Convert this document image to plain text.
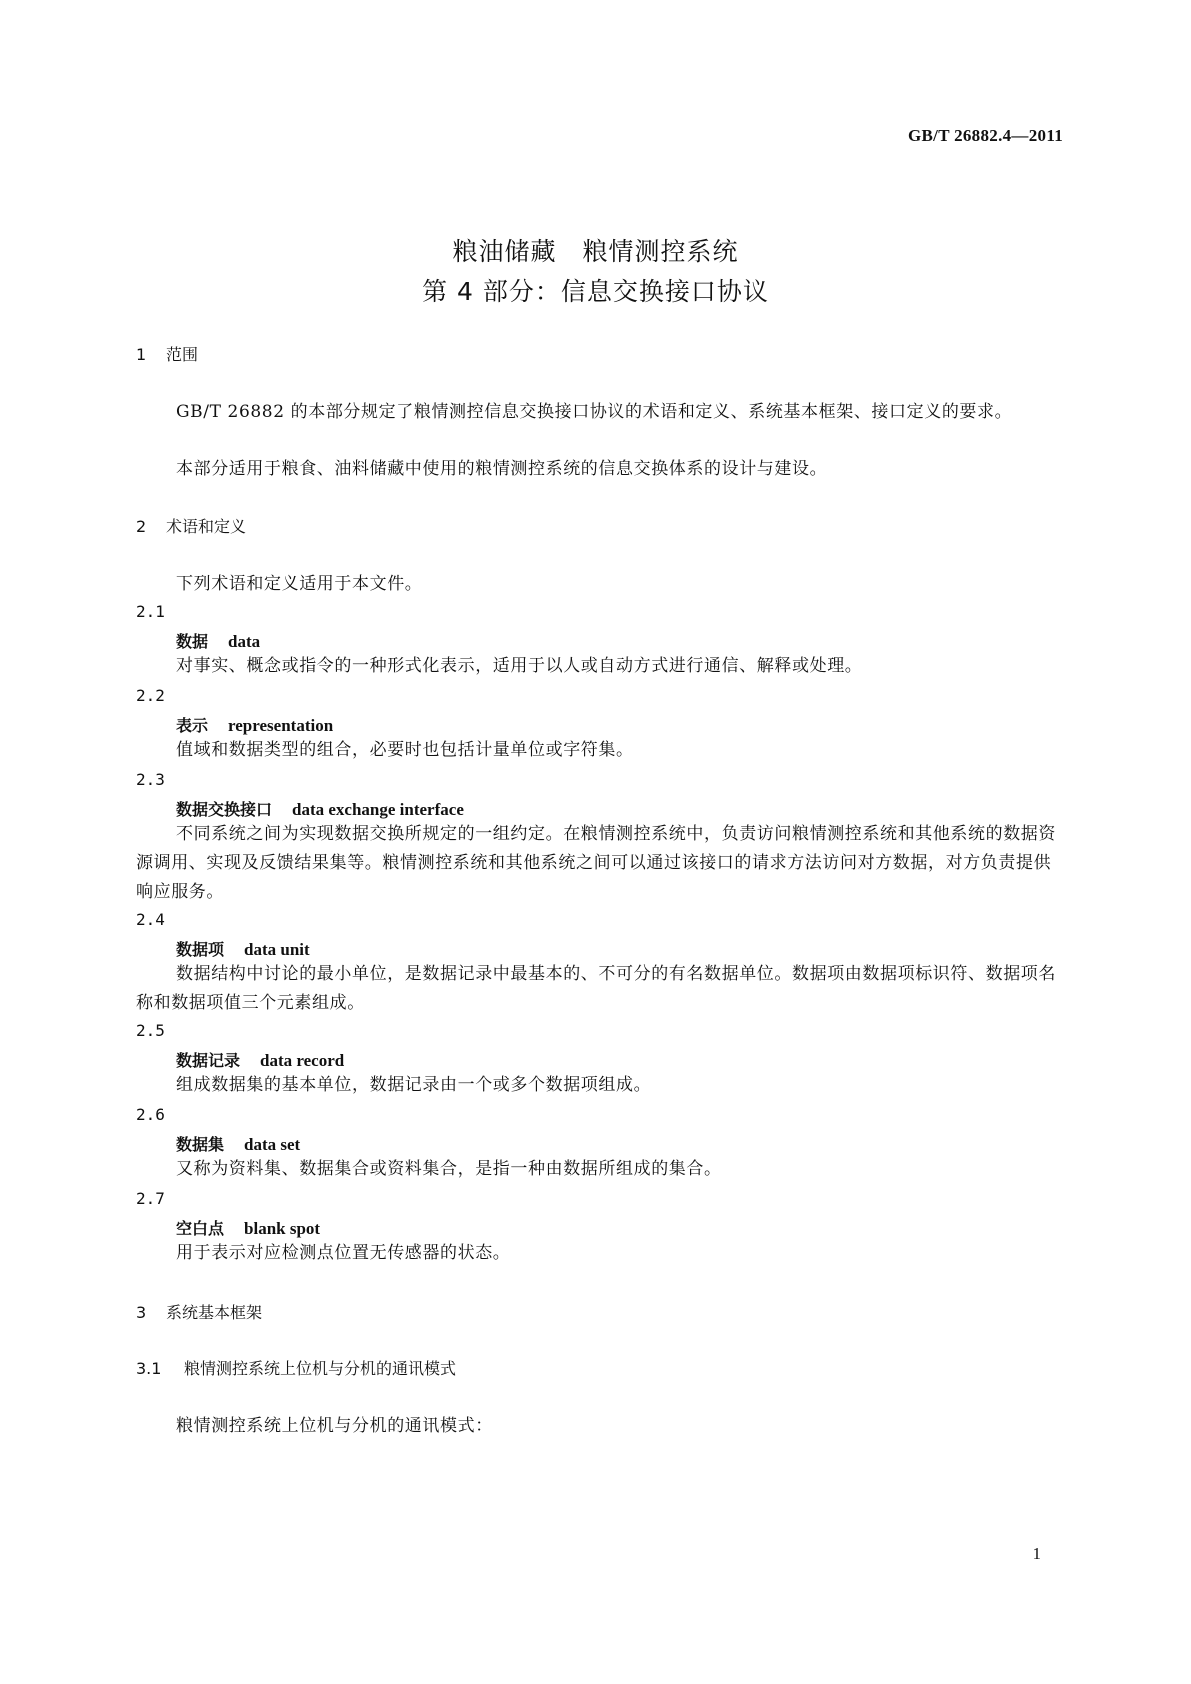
GB/T 26882.4—2011
粮油储藏　粮情测控系统
第 4 部分：信息交换接口协议
1 范围
GB/T 26882 的本部分规定了粮情测控信息交换接口协议的术语和定义、系统基本框架、接口定义的要求。
本部分适用于粮食、油料储藏中使用的粮情测控系统的信息交换体系的设计与建设。
2 术语和定义
下列术语和定义适用于本文件。
2.1
数据 data
对事实、概念或指令的一种形式化表示，适用于以人或自动方式进行通信、解释或处理。
2.2
表示 representation
值域和数据类型的组合，必要时也包括计量单位或字符集。
2.3
数据交换接口 data exchange interface
不同系统之间为实现数据交换所规定的一组约定。在粮情测控系统中，负责访问粮情测控系统和其他系统的数据资源调用、实现及反馈结果集等。粮情测控系统和其他系统之间可以通过该接口的请求方法访问对方数据，对方负责提供响应服务。
2.4
数据项 data unit
数据结构中讨论的最小单位，是数据记录中最基本的、不可分的有名数据单位。数据项由数据项标识符、数据项名称和数据项值三个元素组成。
2.5
数据记录 data record
组成数据集的基本单位，数据记录由一个或多个数据项组成。
2.6
数据集 data set
又称为资料集、数据集合或资料集合，是指一种由数据所组成的集合。
2.7
空白点 blank spot
用于表示对应检测点位置无传感器的状态。
3 系统基本框架
3.1 粮情测控系统上位机与分机的通讯模式
粮情测控系统上位机与分机的通讯模式：
1
